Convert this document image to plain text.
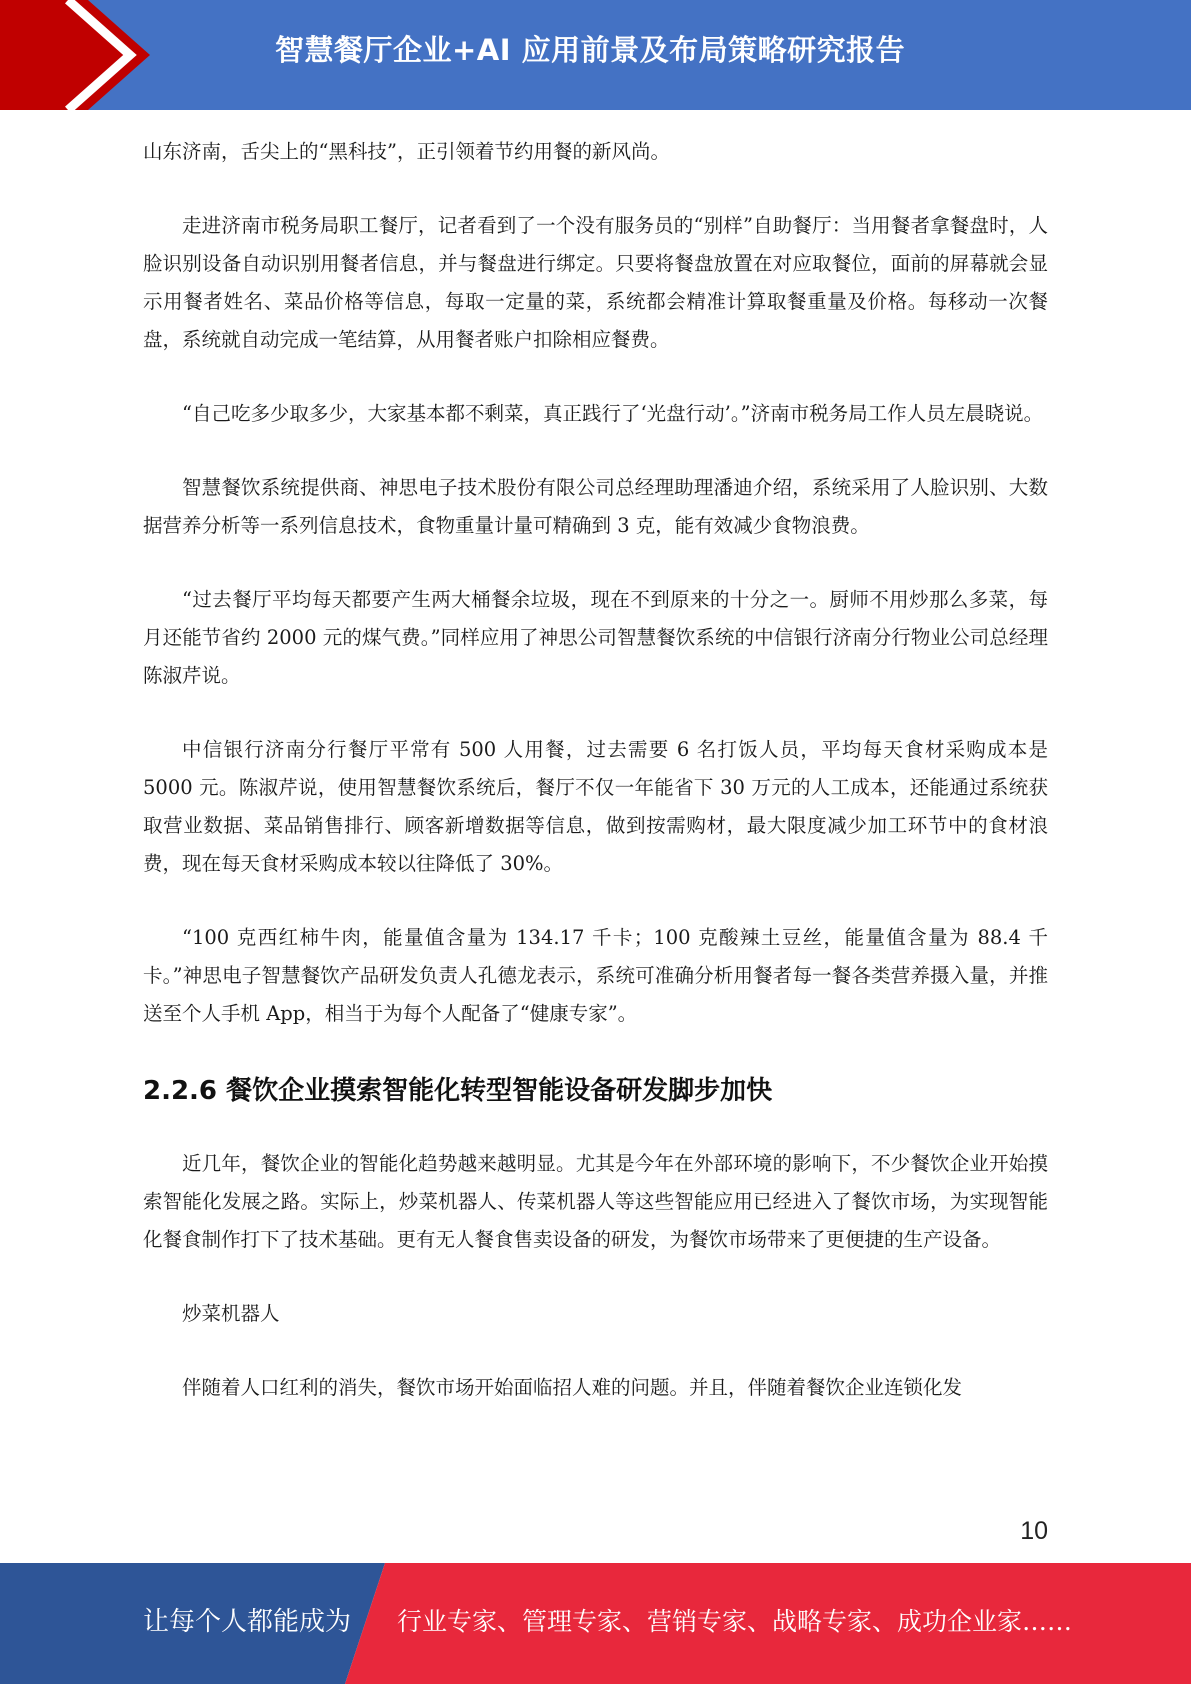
智慧餐厅企业+AI 应用前景及布局策略研究报告

山东济南，舌尖上的“黑科技”，正引领着节约用餐的新风尚。

走进济南市税务局职工餐厅，记者看到了一个没有服务员的“别样”自助餐厅：当用餐者拿餐盘时，人脸识别设备自动识别用餐者信息，并与餐盘进行绑定。只要将餐盘放置在对应取餐位，面前的屏幕就会显示用餐者姓名、菜品价格等信息，每取一定量的菜，系统都会精准计算取餐重量及价格。每移动一次餐盘，系统就自动完成一笔结算，从用餐者账户扣除相应餐费。

“自己吃多少取多少，大家基本都不剩菜，真正践行了‘光盘行动’。”济南市税务局工作人员左晨晓说。

智慧餐饮系统提供商、神思电子技术股份有限公司总经理助理潘迪介绍，系统采用了人脸识别、大数据营养分析等一系列信息技术，食物重量计量可精确到 3 克，能有效减少食物浪费。

“过去餐厅平均每天都要产生两大桶餐余垃圾，现在不到原来的十分之一。厨师不用炒那么多菜，每月还能节省约 2000 元的煤气费。”同样应用了神思公司智慧餐饮系统的中信银行济南分行物业公司总经理陈淑芹说。

中信银行济南分行餐厅平常有 500 人用餐，过去需要 6 名打饭人员，平均每天食材采购成本是 5000 元。陈淑芹说，使用智慧餐饮系统后，餐厅不仅一年能省下 30 万元的人工成本，还能通过系统获取营业数据、菜品销售排行、顾客新增数据等信息，做到按需购材，最大限度减少加工环节中的食材浪费，现在每天食材采购成本较以往降低了 30%。

“100 克西红柿牛肉，能量值含量为 134.17 千卡；100 克酸辣土豆丝，能量值含量为 88.4 千卡。”神思电子智慧餐饮产品研发负责人孔德龙表示，系统可准确分析用餐者每一餐各类营养摄入量，并推送至个人手机 App，相当于为每个人配备了“健康专家”。

2.2.6 餐饮企业摸索智能化转型智能设备研发脚步加快

近几年，餐饮企业的智能化趋势越来越明显。尤其是今年在外部环境的影响下，不少餐饮企业开始摸索智能化发展之路。实际上，炒菜机器人、传菜机器人等这些智能应用已经进入了餐饮市场，为实现智能化餐食制作打下了技术基础。更有无人餐食售卖设备的研发，为餐饮市场带来了更便捷的生产设备。

炒菜机器人

伴随着人口红利的消失，餐饮市场开始面临招人难的问题。并且，伴随着餐饮企业连锁化发

10
让每个人都能成为 行业专家、管理专家、营销专家、战略专家、成功企业家……
